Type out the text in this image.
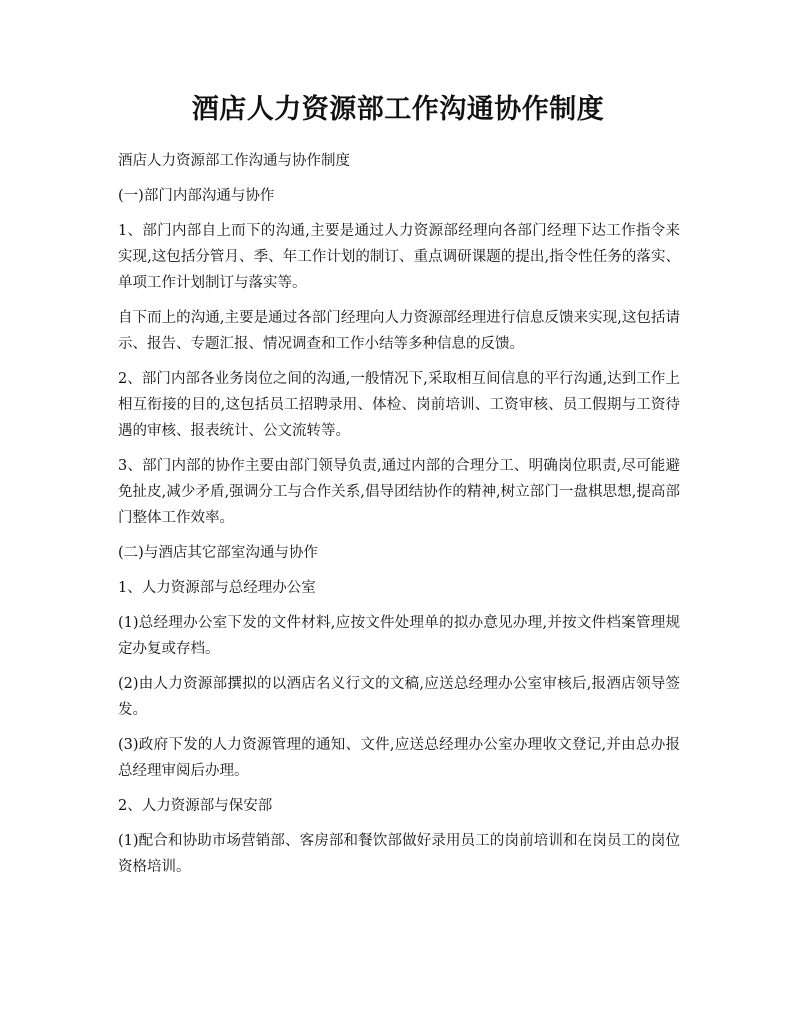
酒店人力资源部工作沟通协作制度

酒店人力资源部工作沟通与协作制度

(一)部门内部沟通与协作

1、部门内部自上而下的沟通,主要是通过人力资源部经理向各部门经理下达工作指令来实现,这包括分管月、季、年工作计划的制订、重点调研课题的提出,指令性任务的落实、单项工作计划制订与落实等。

自下而上的沟通,主要是通过各部门经理向人力资源部经理进行信息反馈来实现,这包括请示、报告、专题汇报、情况调查和工作小结等多种信息的反馈。

2、部门内部各业务岗位之间的沟通,一般情况下,采取相互间信息的平行沟通,达到工作上相互衔接的目的,这包括员工招聘录用、体检、岗前培训、工资审核、员工假期与工资待遇的审核、报表统计、公文流转等。

3、部门内部的协作主要由部门领导负责,通过内部的合理分工、明确岗位职责,尽可能避免扯皮,减少矛盾,强调分工与合作关系,倡导团结协作的精神,树立部门一盘棋思想,提高部门整体工作效率。

(二)与酒店其它部室沟通与协作

1、人力资源部与总经理办公室

(1)总经理办公室下发的文件材料,应按文件处理单的拟办意见办理,并按文件档案管理规定办复或存档。

(2)由人力资源部撰拟的以酒店名义行文的文稿,应送总经理办公室审核后,报酒店领导签发。

(3)政府下发的人力资源管理的通知、文件,应送总经理办公室办理收文登记,并由总办报总经理审阅后办理。

2、人力资源部与保安部

(1)配合和协助市场营销部、客房部和餐饮部做好录用员工的岗前培训和在岗员工的岗位资格培训。
